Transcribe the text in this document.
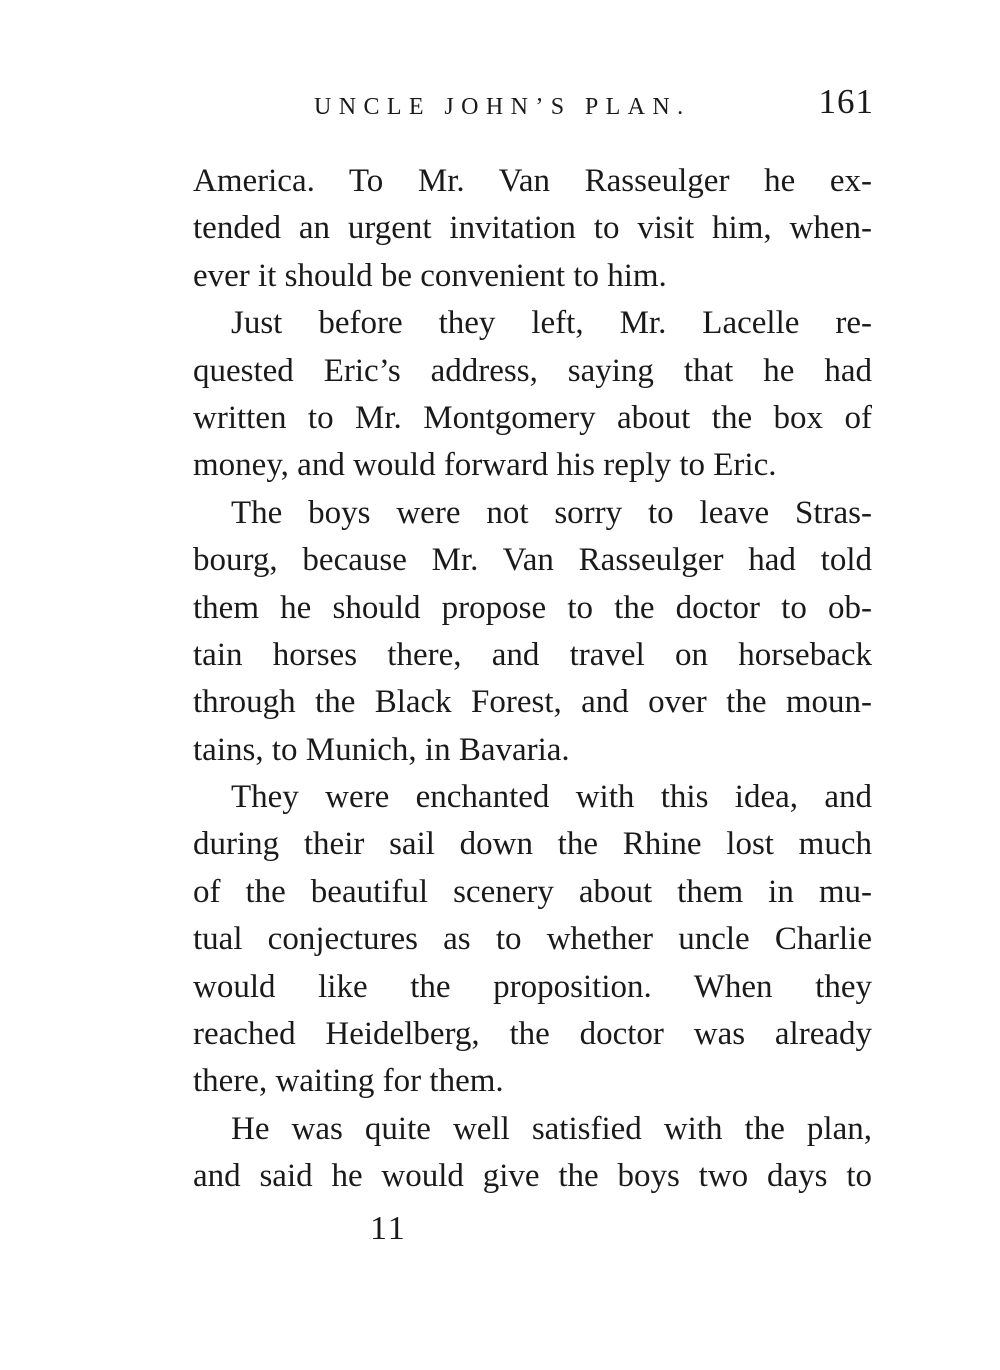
UNCLE JOHN’S PLAN.	161
America. To Mr. Van Rasseulger he ex-
tended an urgent invitation to visit him, when-
ever it should be convenient to him.
Just before they left, Mr. Lacelle re-
quested Eric’s address, saying that he had
written to Mr. Montgomery about the box of
money, and would forward his reply to Eric.
The boys were not sorry to leave Stras-
bourg, because Mr. Van Rasseulger had told
them he should propose to the doctor to ob-
tain horses there, and travel on horseback
through the Black Forest, and over the moun-
tains, to Munich, in Bavaria.
They were enchanted with this idea, and
during their sail down the Rhine lost much
of the beautiful scenery about them in mu-
tual conjectures as to whether uncle Charlie
would like the proposition. When they
reached Heidelberg, the doctor was already
there, waiting for them.
He was quite well satisfied with the plan,
and said he would give the boys two days to
11
